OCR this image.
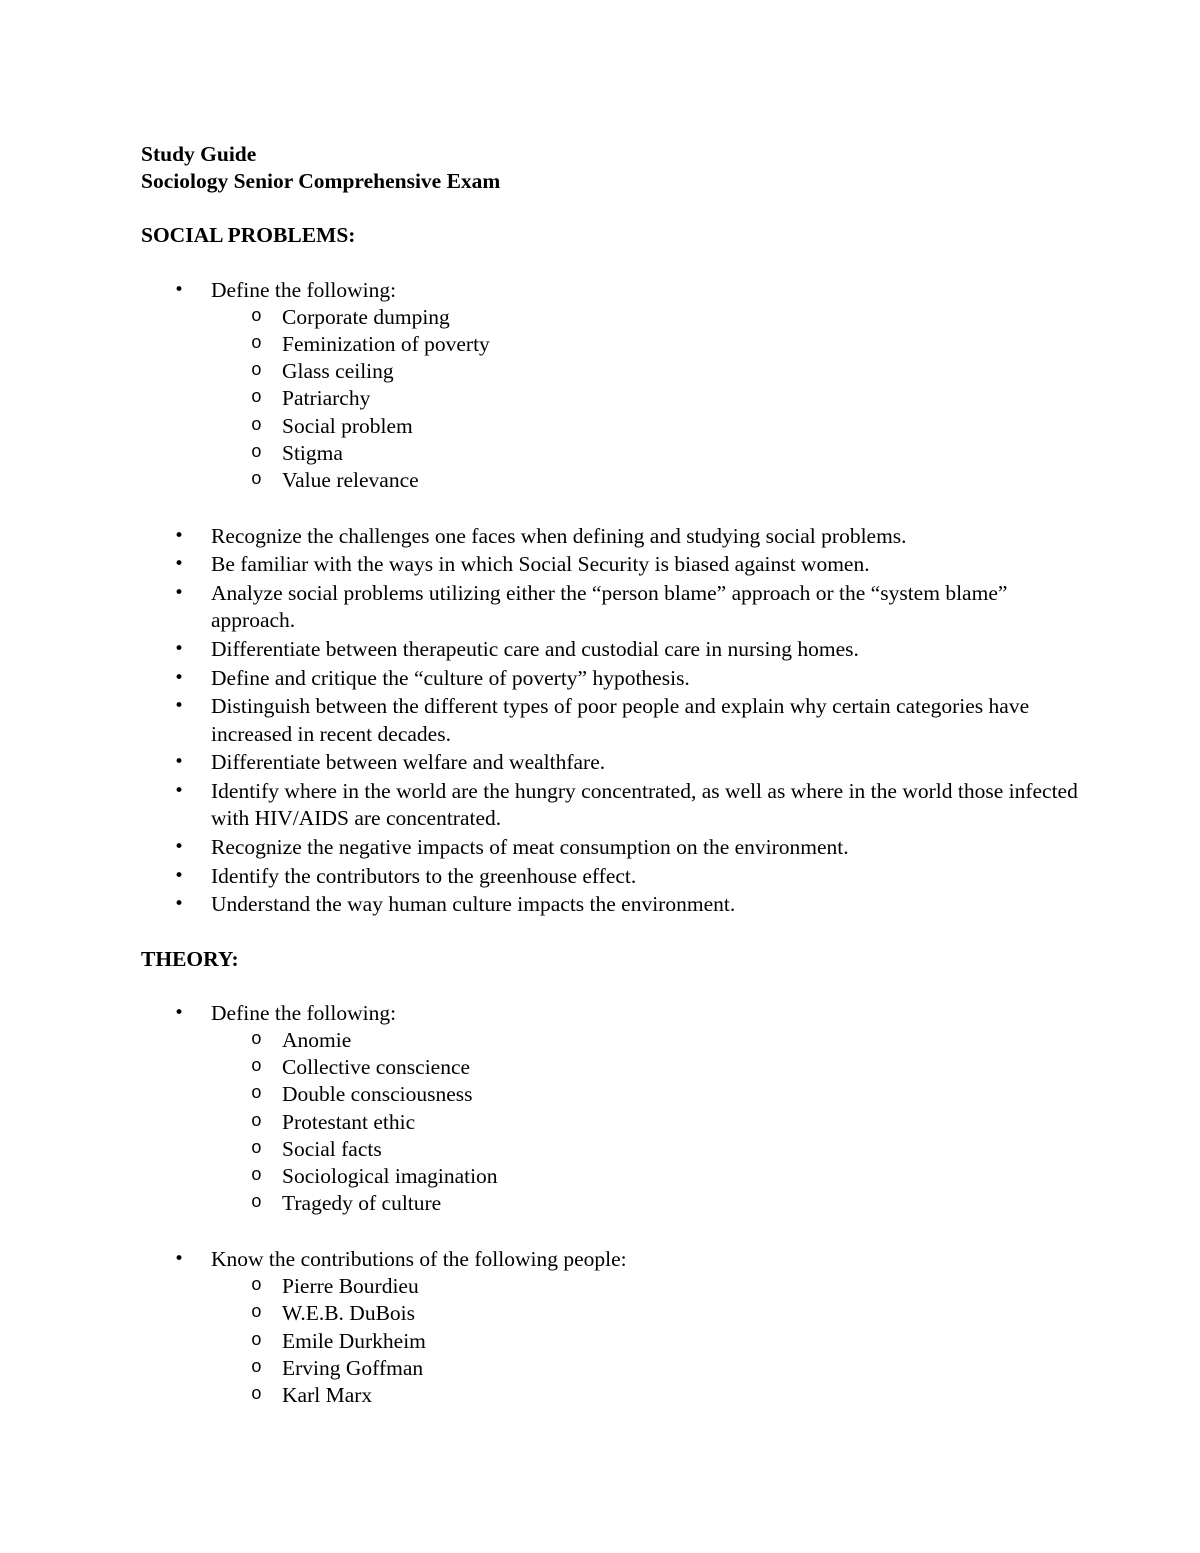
Study Guide

Sociology Senior Comprehensive Exam

SOCIAL PROBLEMS:

• Define the following:
o Corporate dumping
o Feminization of poverty
o Glass ceiling
o Patriarchy
o Social problem
o Stigma
o Value relevance
• Recognize the challenges one faces when defining and studying social problems.
• Be familiar with the ways in which Social Security is biased against women.
• Analyze social problems utilizing either the “person blame” approach or the “system blame” approach.
• Differentiate between therapeutic care and custodial care in nursing homes.
• Define and critique the “culture of poverty” hypothesis.
• Distinguish between the different types of poor people and explain why certain categories have increased in recent decades.
• Differentiate between welfare and wealthfare.
• Identify where in the world are the hungry concentrated, as well as where in the world those infected with HIV/AIDS are concentrated.
• Recognize the negative impacts of meat consumption on the environment.
• Identify the contributors to the greenhouse effect.
• Understand the way human culture impacts the environment.

THEORY:

• Define the following:
o Anomie
o Collective conscience
o Double consciousness
o Protestant ethic
o Social facts
o Sociological imagination
o Tragedy of culture
• Know the contributions of the following people:
o Pierre Bourdieu
o W.E.B. DuBois
o Emile Durkheim
o Erving Goffman
o Karl Marx
